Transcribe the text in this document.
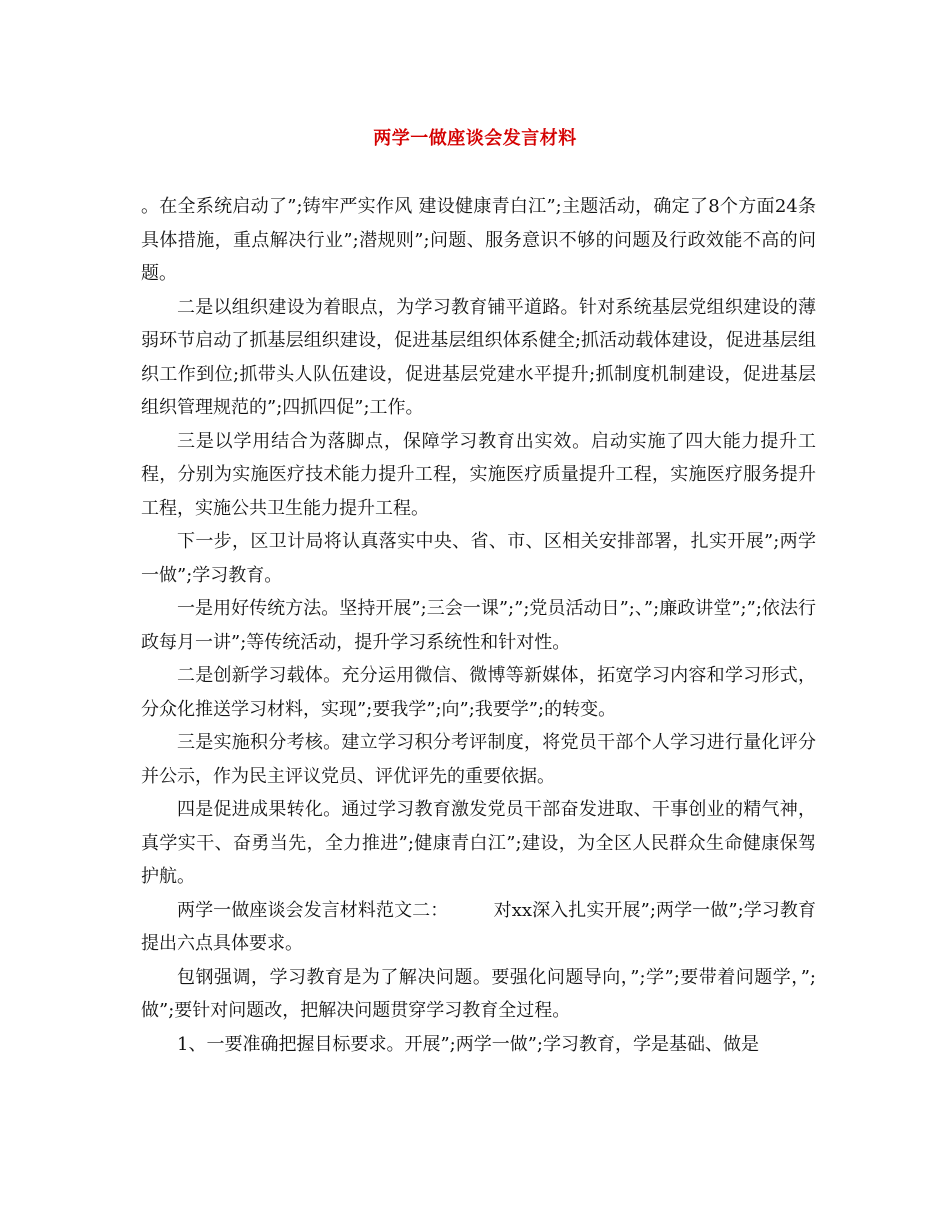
两学一做座谈会发言材料

。在全系统启动了”;铸牢严实作风 建设健康青白江”;主题活动，确定了8个方面24条具体措施，重点解决行业”;潜规则”;问题、服务意识不够的问题及行政效能不高的问题。

二是以组织建设为着眼点，为学习教育铺平道路。针对系统基层党组织建设的薄弱环节启动了抓基层组织建设，促进基层组织体系健全;抓活动载体建设，促进基层组织工作到位;抓带头人队伍建设，促进基层党建水平提升;抓制度机制建设，促进基层组织管理规范的”;四抓四促”;工作。

三是以学用结合为落脚点，保障学习教育出实效。启动实施了四大能力提升工程，分别为实施医疗技术能力提升工程，实施医疗质量提升工程，实施医疗服务提升工程，实施公共卫生能力提升工程。

下一步，区卫计局将认真落实中央、省、市、区相关安排部署，扎实开展”;两学一做”;学习教育。

一是用好传统方法。坚持开展”;三会一课”;”;党员活动日”;、”;廉政讲堂”;”;依法行政每月一讲”;等传统活动，提升学习系统性和针对性。

二是创新学习载体。充分运用微信、微博等新媒体，拓宽学习内容和学习形式，分众化推送学习材料，实现”;要我学”;向”;我要学”;的转变。

三是实施积分考核。建立学习积分考评制度，将党员干部个人学习进行量化评分并公示，作为民主评议党员、评优评先的重要依据。

四是促进成果转化。通过学习教育激发党员干部奋发进取、干事创业的精气神，真学实干、奋勇当先，全力推进”;健康青白江”;建设，为全区人民群众生命健康保驾护航。

两学一做座谈会发言材料范文二：　　　对xx深入扎实开展”;两学一做”;学习教育提出六点具体要求。

包钢强调，学习教育是为了解决问题。要强化问题导向，”;学”;要带着问题学，”;做”;要针对问题改，把解决问题贯穿学习教育全过程。

1、一要准确把握目标要求。开展”;两学一做”;学习教育，学是基础、做是
